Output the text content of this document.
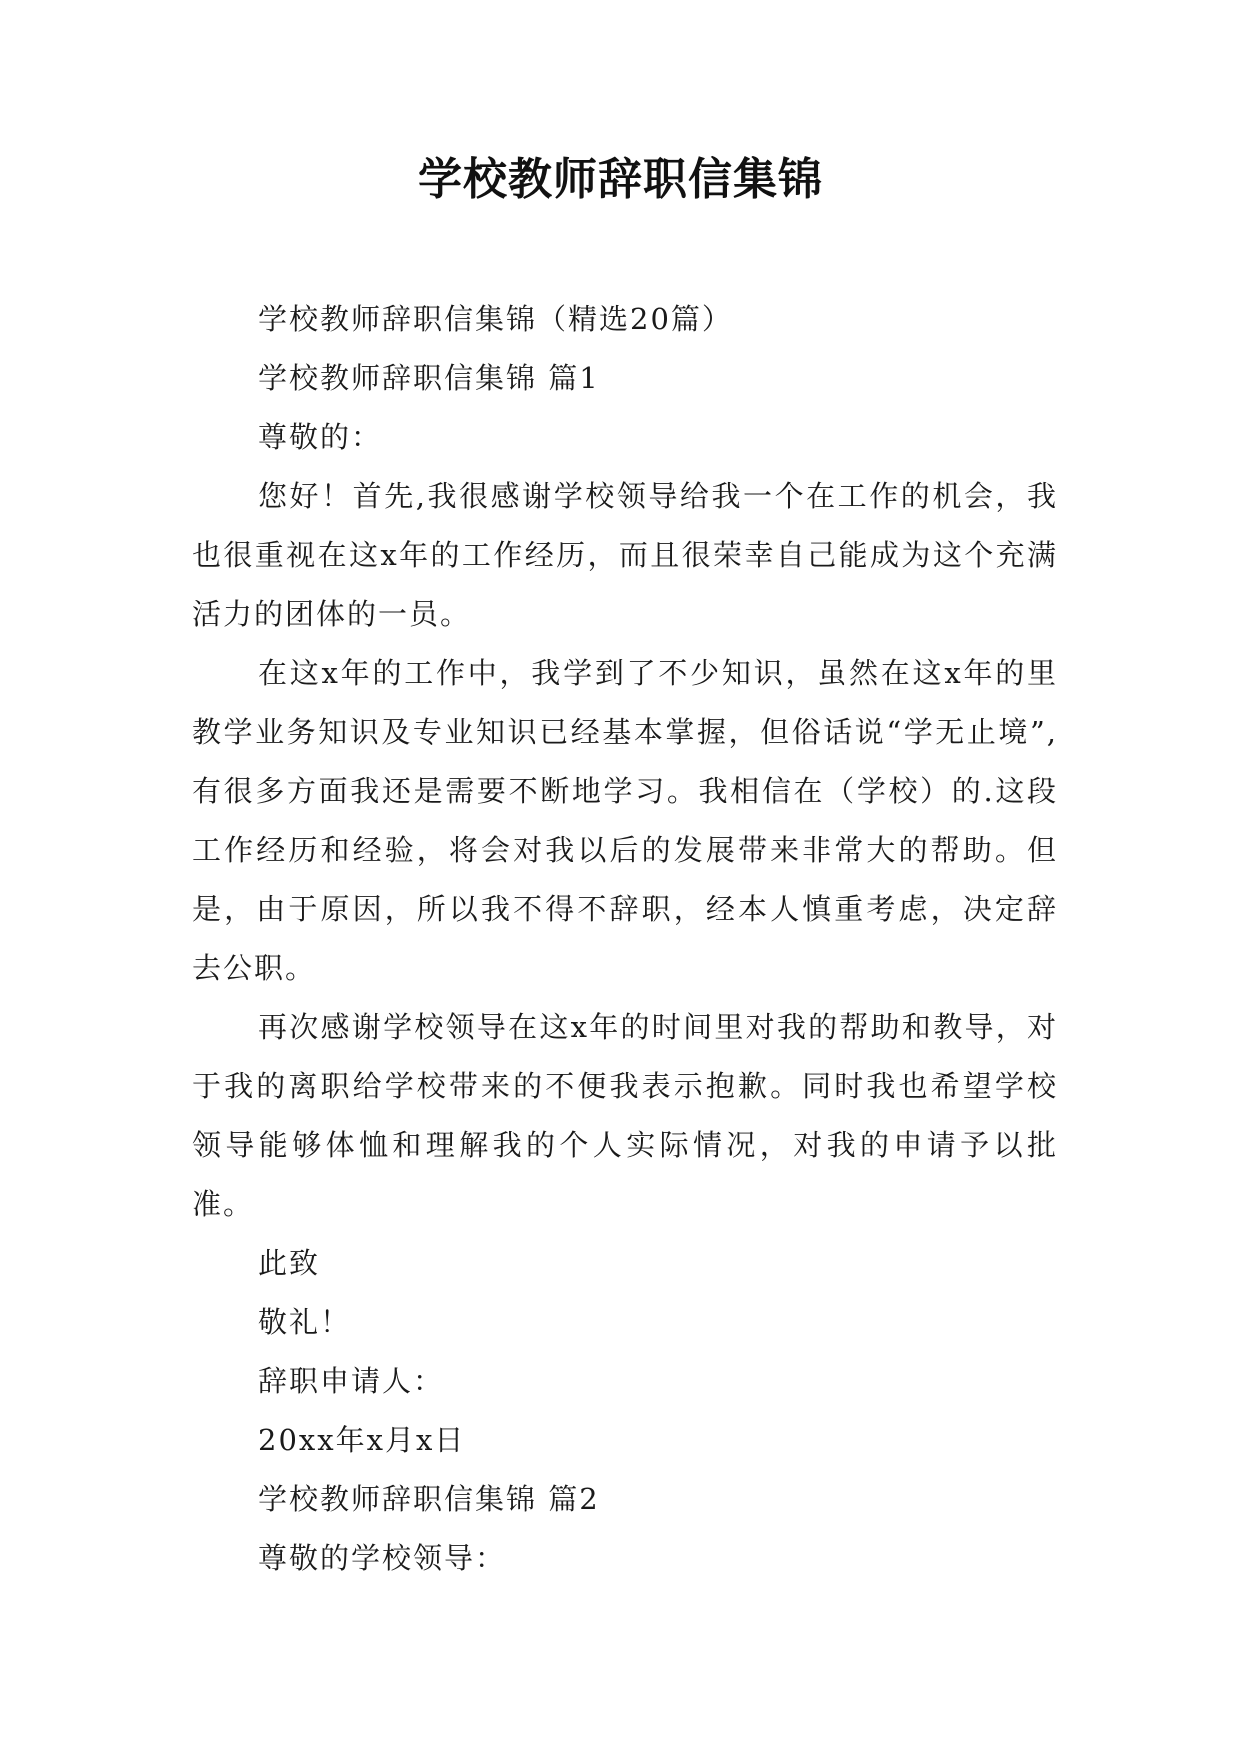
学校教师辞职信集锦

学校教师辞职信集锦（精选20篇）

学校教师辞职信集锦 篇1

尊敬的：

您好！首先,我很感谢学校领导给我一个在工作的机会，我也很重视在这x年的工作经历，而且很荣幸自己能成为这个充满活力的团体的一员。

在这x年的工作中，我学到了不少知识，虽然在这x年的里教学业务知识及专业知识已经基本掌握，但俗话说“学无止境”,有很多方面我还是需要不断地学习。我相信在（学校）的.这段工作经历和经验，将会对我以后的发展带来非常大的帮助。但是，由于原因，所以我不得不辞职，经本人慎重考虑，决定辞去公职。

再次感谢学校领导在这x年的时间里对我的帮助和教导，对于我的离职给学校带来的不便我表示抱歉。同时我也希望学校领导能够体恤和理解我的个人实际情况，对我的申请予以批准。

此致

敬礼！

辞职申请人：

20xx年x月x日

学校教师辞职信集锦 篇2

尊敬的学校领导：
